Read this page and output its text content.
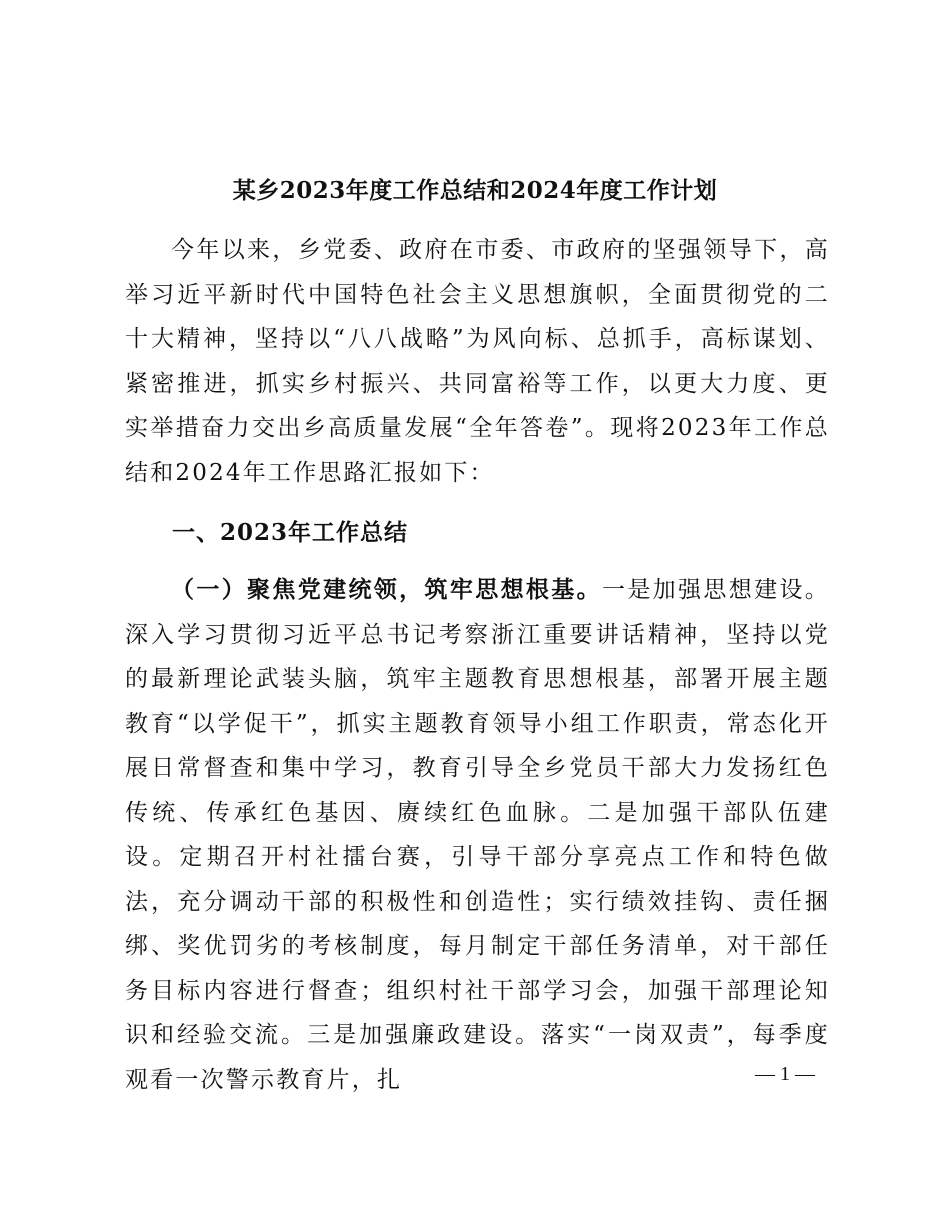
某乡2023年度工作总结和2024年度工作计划

今年以来，乡党委、政府在市委、市政府的坚强领导下，高举习近平新时代中国特色社会主义思想旗帜，全面贯彻党的二十大精神，坚持以“八八战略”为风向标、总抓手，高标谋划、紧密推进，抓实乡村振兴、共同富裕等工作，以更大力度、更实举措奋力交出乡高质量发展“全年答卷”。现将2023年工作总结和2024年工作思路汇报如下：

一、2023年工作总结

（一）聚焦党建统领，筑牢思想根基。一是加强思想建设。深入学习贯彻习近平总书记考察浙江重要讲话精神，坚持以党的最新理论武装头脑，筑牢主题教育思想根基，部署开展主题教育“以学促干”，抓实主题教育领导小组工作职责，常态化开展日常督查和集中学习，教育引导全乡党员干部大力发扬红色传统、传承红色基因、赓续红色血脉。二是加强干部队伍建设。定期召开村社擂台赛，引导干部分享亮点工作和特色做法，充分调动干部的积极性和创造性；实行绩效挂钩、责任捆绑、奖优罚劣的考核制度，每月制定干部任务清单，对干部任务目标内容进行督查；组织村社干部学习会，加强干部理论知识和经验交流。三是加强廉政建设。落实“一岗双责”，每季度观看一次警示教育片，扎	— 1 —
